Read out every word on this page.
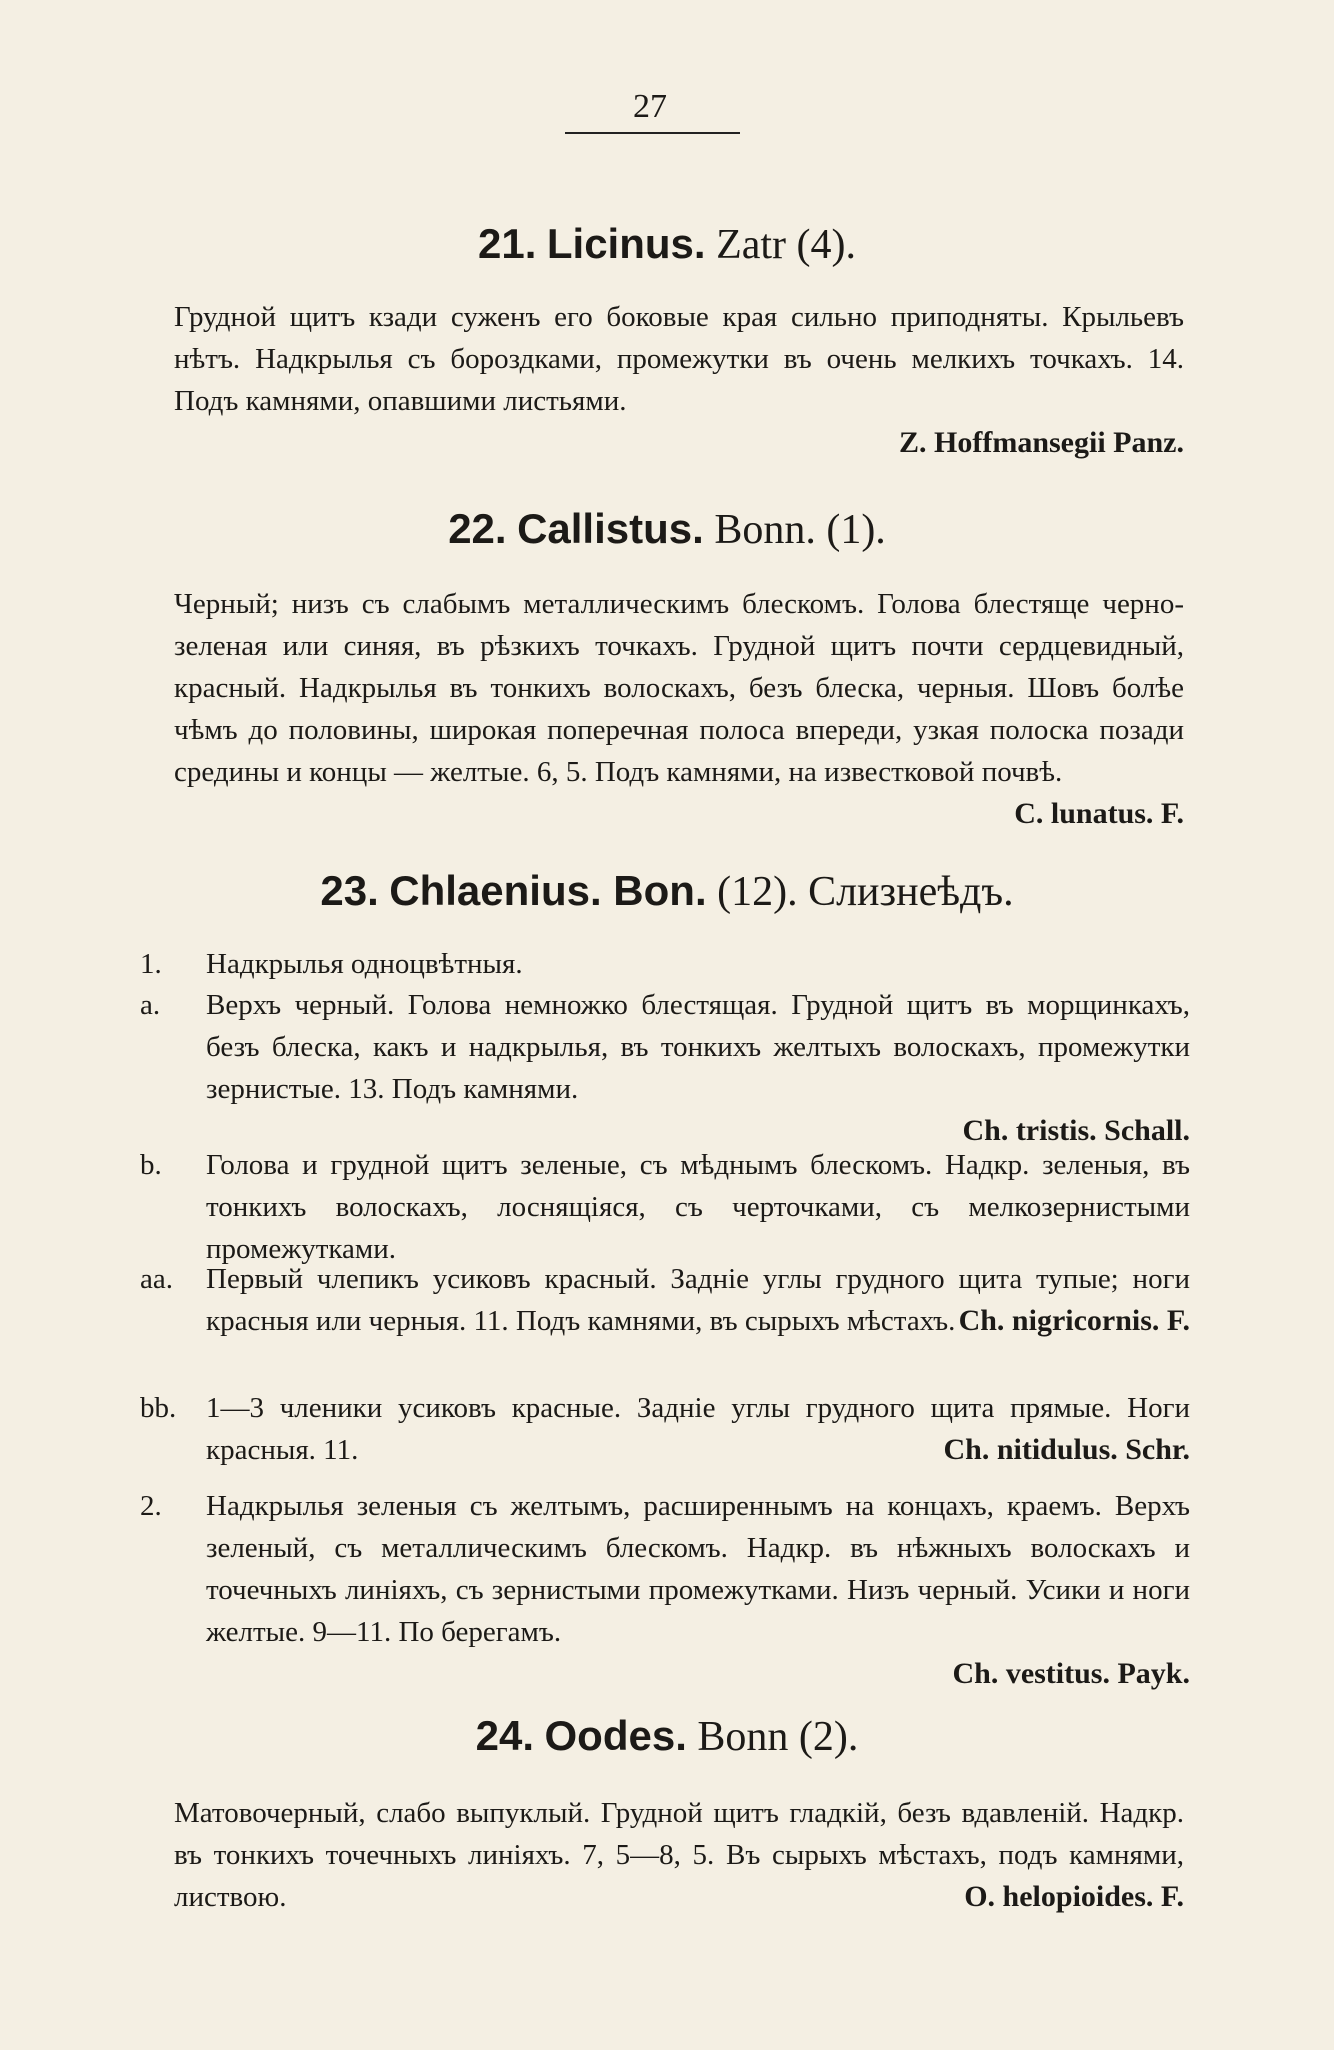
27
21. Licinus. Zatr (4).
Грудной щитъ кзади суженъ его боковые края сильно приподняты. Крыльевъ нѣтъ. Надкрылья съ бороздками, промежутки въ очень мелкихъ точкахъ. 14. Подъ камнями, опавшими листьями.
Z. Hoffmansegii Panz.
22. Callistus. Bonn. (1).
Черный; низъ съ слабымъ металлическимъ блескомъ. Голова блестяще черно-зеленая или синяя, въ рѣзкихъ точкахъ. Грудной щитъ почти сердцевидный, красный. Надкрылья въ тонкихъ волоскахъ, безъ блеска, черныя. Шовъ болѣе чѣмъ до половины, широкая поперечная полоса впереди, узкая полоска позади средины и концы — желтые. 6, 5. Подъ камнями, на известковой почвѣ.
C. lunatus. F.
23. Chlaenius. Bon. (12). Слизнеѣдъ.
1.	Надкрылья одноцвѣтныя.
a.	Верхъ черный. Голова немножко блестящая. Грудной щитъ въ морщинкахъ, безъ блеска, какъ и надкрылья, въ тонкихъ желтыхъ волоскахъ, промежутки зернистые. 13. Подъ камнями.
Ch. tristis. Schall.
b.	Голова и грудной щитъ зеленые, съ мѣднымъ блескомъ. Надкр. зеленыя, въ тонкихъ волоскахъ, лоснящiяся, съ черточками, съ мелкозернистыми промежутками.
aa.	Первый члепикъ усиковъ красный. Заднiе углы грудного щита тупые; ноги красныя или черныя. 11. Подъ камнями, въ сырыхъ мѣстахъ. Ch. nigricornis. F.
bb.	1—3 членики усиковъ красные. Заднiе углы грудного щита прямые. Ноги красныя. 11.	Ch. nitidulus. Schr.
2.	Надкрылья зеленыя съ желтымъ, расширеннымъ на концахъ, краемъ. Верхъ зеленый, съ металлическимъ блескомъ. Надкр. въ нѣжныхъ волоскахъ и точечныхъ линiяхъ, съ зернистыми промежутками. Низъ черный. Усики и ноги желтые. 9—11. По берегамъ.
Ch. vestitus. Payk.
24. Oodes. Bonn (2).
Матовочерный, слабо выпуклый. Грудной щитъ гладкiй, безъ вдавленiй. Надкр. въ тонкихъ точечныхъ линiяхъ. 7, 5—8, 5. Въ сырыхъ мѣстахъ, подъ камнями, листвою.	O. helopioides. F.
